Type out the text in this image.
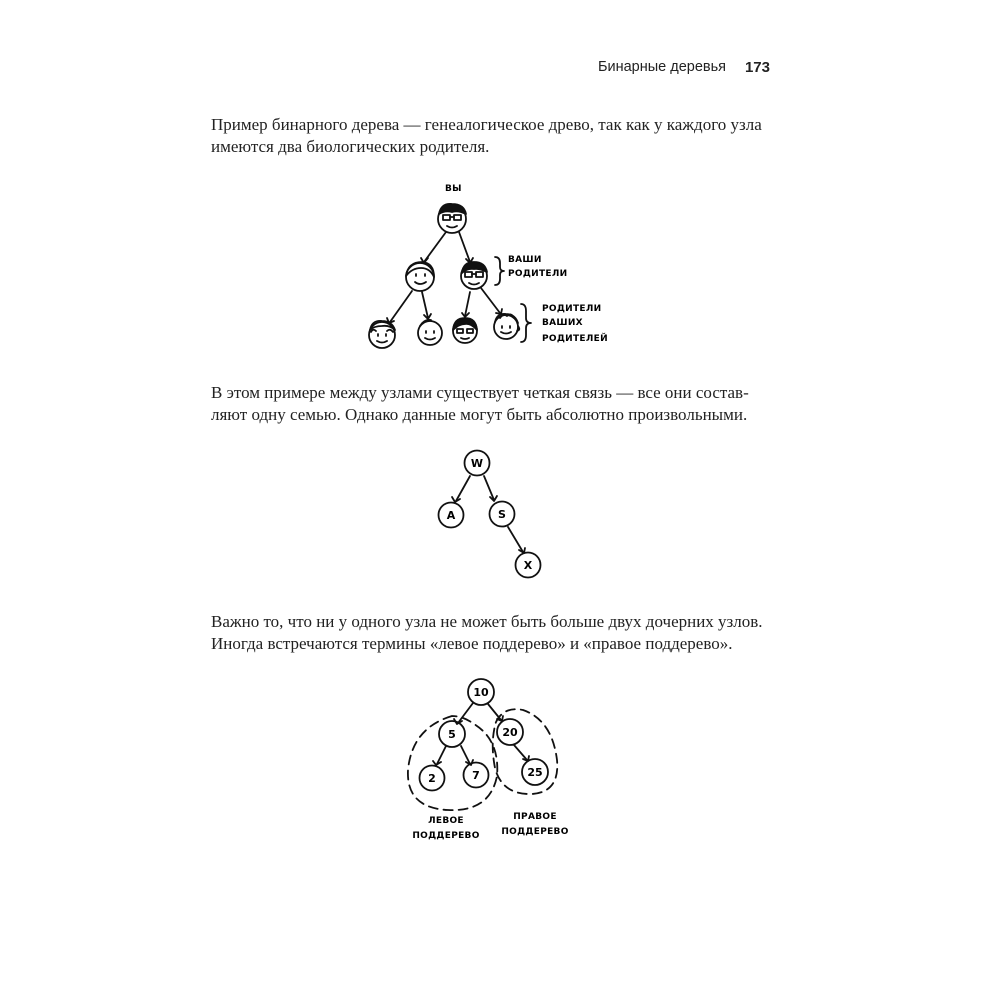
Бинарные деревья 173
Пример бинарного дерева — генеалогическое древо, так как у каждого узла
имеются два биологических родителя.
В этом примере между узлами существует четкая связь — все они состав-
ляют одну семью. Однако данные могут быть абсолютно произвольными.
Важно то, что ни у одного узла не может быть больше двух дочерних узлов.
Иногда встречаются термины «левое поддерево» и «правое поддерево».
ВЫ
ВАШИ
РОДИТЕЛИ
РОДИТЕЛИ
ВАШИХ
РОДИТЕЛЕЙ
W
A	S
X
10
5	20
2	7	25
ЛЕВОЕ
ПОДДЕРЕВО
ПРАВОЕ
ПОДДЕРЕВО
